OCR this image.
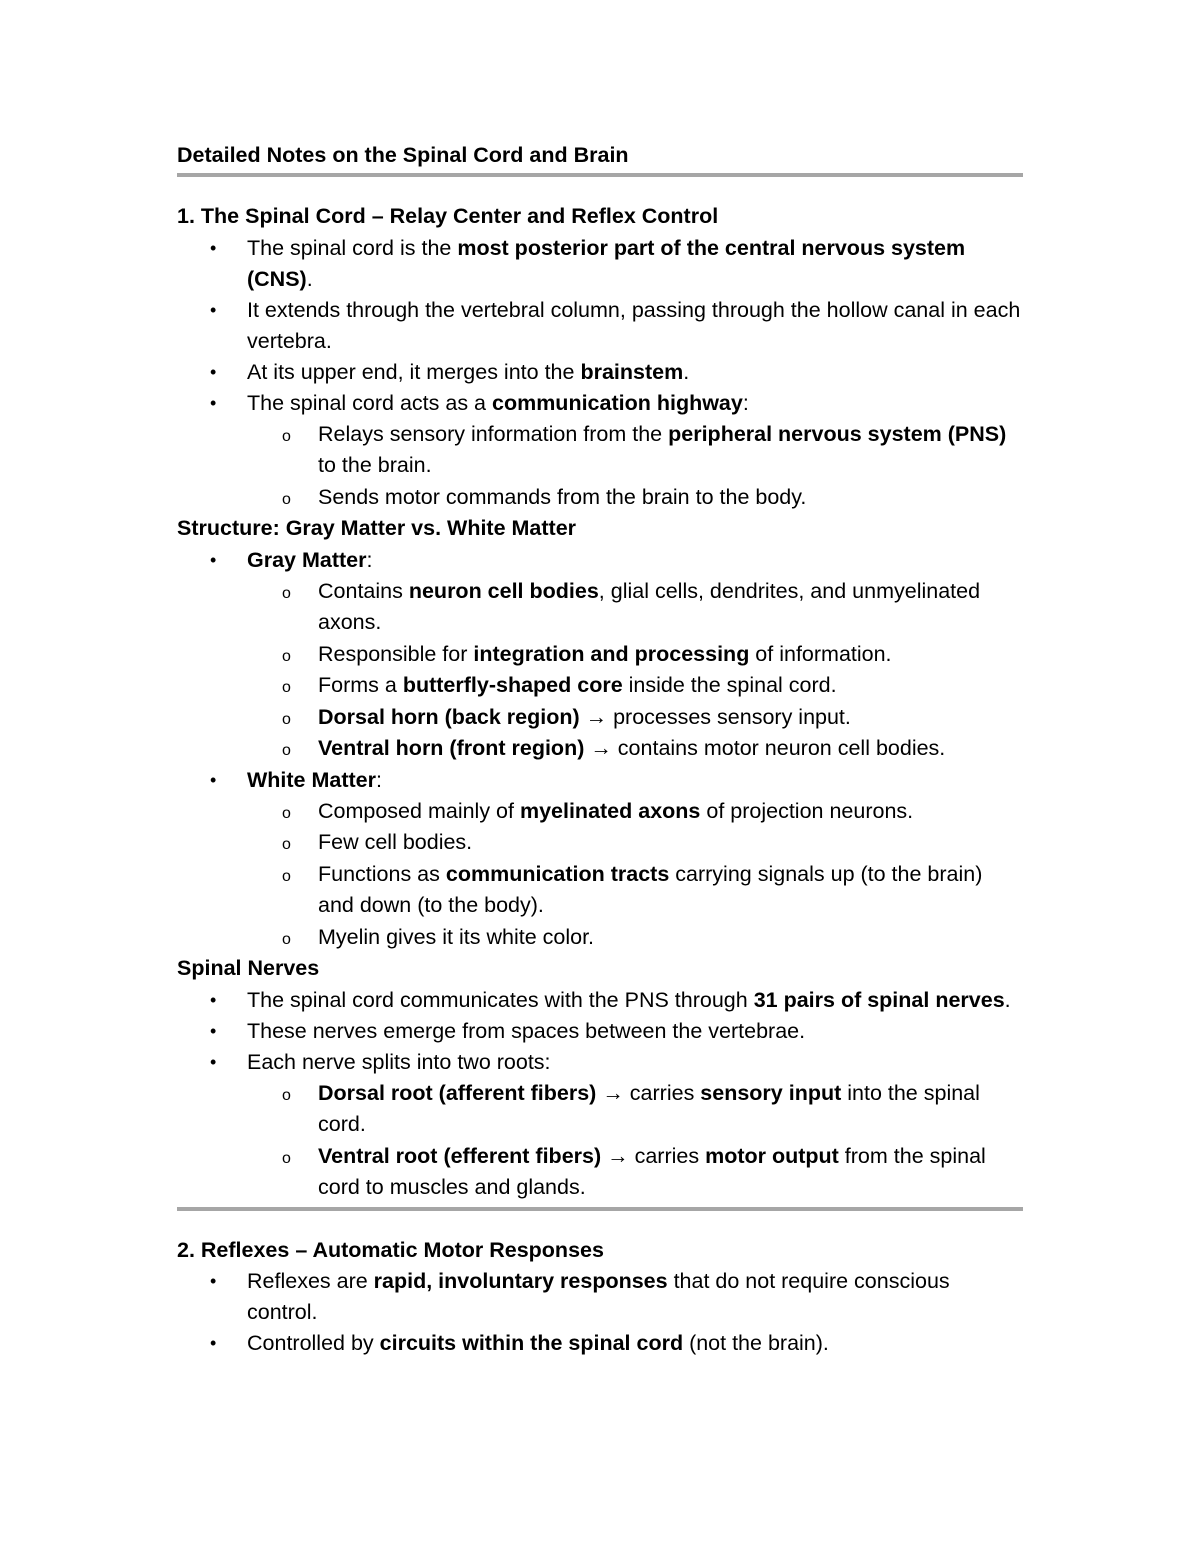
Detailed Notes on the Spinal Cord and Brain

1. The Spinal Cord – Relay Center and Reflex Control

• The spinal cord is the most posterior part of the central nervous system (CNS).
• It extends through the vertebral column, passing through the hollow canal in each vertebra.
• At its upper end, it merges into the brainstem.
• The spinal cord acts as a communication highway:
o Relays sensory information from the peripheral nervous system (PNS) to the brain.
o Sends motor commands from the brain to the body.

Structure: Gray Matter vs. White Matter

• Gray Matter:
o Contains neuron cell bodies, glial cells, dendrites, and unmyelinated axons.
o Responsible for integration and processing of information.
o Forms a butterfly-shaped core inside the spinal cord.
o Dorsal horn (back region) → processes sensory input.
o Ventral horn (front region) → contains motor neuron cell bodies.
• White Matter:
o Composed mainly of myelinated axons of projection neurons.
o Few cell bodies.
o Functions as communication tracts carrying signals up (to the brain) and down (to the body).
o Myelin gives it its white color.

Spinal Nerves

• The spinal cord communicates with the PNS through 31 pairs of spinal nerves.
• These nerves emerge from spaces between the vertebrae.
• Each nerve splits into two roots:
o Dorsal root (afferent fibers) → carries sensory input into the spinal cord.
o Ventral root (efferent fibers) → carries motor output from the spinal cord to muscles and glands.

2. Reflexes – Automatic Motor Responses

• Reflexes are rapid, involuntary responses that do not require conscious control.
• Controlled by circuits within the spinal cord (not the brain).
